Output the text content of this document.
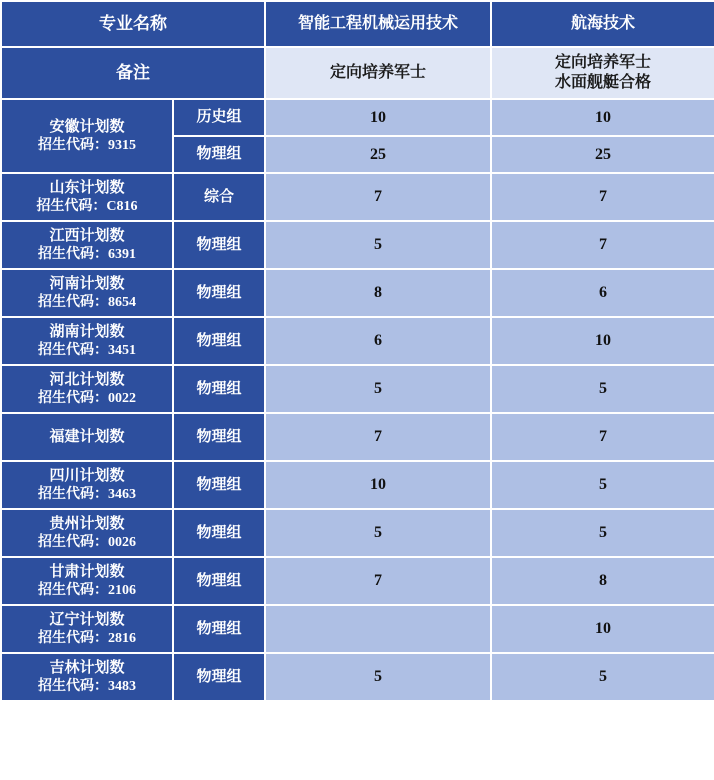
专业名称		智能工程机械运用技术	航海技术
备注		定向培养军士	定向培养军士
水面舰艇合格

安徽计划数
招生代码：9315	历史组	10	10
	物理组	25	25

山东计划数
招生代码：C816	综合	7	7

江西计划数
招生代码：6391	物理组	5	7

河南计划数
招生代码：8654	物理组	8	6

湖南计划数
招生代码：3451	物理组	6	10

河北计划数
招生代码：0022	物理组	5	5

福建计划数	物理组	7	7

四川计划数
招生代码：3463	物理组	10	5

贵州计划数
招生代码：0026	物理组	5	5

甘肃计划数
招生代码：2106	物理组	7	8

辽宁计划数
招生代码：2816	物理组		10

吉林计划数
招生代码：3483	物理组	5	5
